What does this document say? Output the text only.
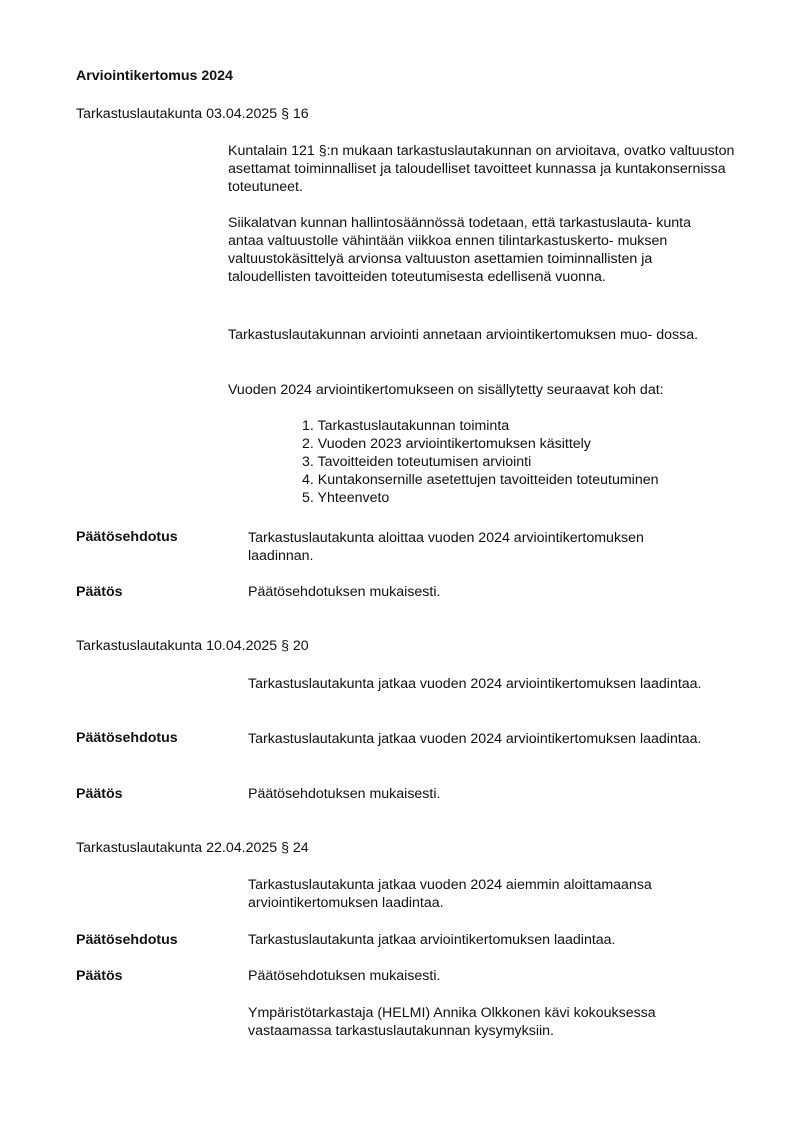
Arviointikertomus 2024
Tarkastuslautakunta 03.04.2025 § 16

Kuntalain 121 §:n mukaan tarkastuslautakunnan on arvioitava, ovatko valtuuston asettamat toiminnalliset ja taloudelliset tavoitteet kunnassa ja kuntakonsernissa toteutuneet.

Siikalatvan kunnan hallintosäännössä todetaan, että tarkastuslauta- kunta antaa valtuustolle vähintään viikkoa ennen tilintarkastuskerto- muksen valtuustokäsittelyä arvionsa valtuuston asettamien toiminnallisten ja taloudellisten tavoitteiden toteutumisesta edellisenä vuonna.

Tarkastuslautakunnan arviointi annetaan arviointikertomuksen muo- dossa.

Vuoden 2024 arviointikertomukseen on sisällytetty seuraavat koh dat:

1. Tarkastuslautakunnan toiminta
2. Vuoden 2023 arviointikertomuksen käsittely
3. Tavoitteiden toteutumisen arviointi
4. Kuntakonsernille asetettujen tavoitteiden toteutuminen
5. Yhteenveto
Päätösehdotus	Tarkastuslautakunta aloittaa vuoden 2024 arviointikertomuksen laadinnan.

Päätös	Päätösehdotuksen mukaisesti.
Tarkastuslautakunta 10.04.2025 § 20

Tarkastuslautakunta jatkaa vuoden 2024 arviointikertomuksen laadintaa.

Päätösehdotus	Tarkastuslautakunta jatkaa vuoden 2024 arviointikertomuksen laadintaa.

Päätös	Päätösehdotuksen mukaisesti.
Tarkastuslautakunta 22.04.2025 § 24

Tarkastuslautakunta jatkaa vuoden 2024 aiemmin aloittamaansa arviointikertomuksen laadintaa.

Päätösehdotus	Tarkastuslautakunta jatkaa arviointikertomuksen laadintaa.
Päätös	Päätösehdotuksen mukaisesti.

Ympäristötarkastaja (HELMI) Annika Olkkonen kävi kokouksessa vastaamassa tarkastuslautakunnan kysymyksiin.
